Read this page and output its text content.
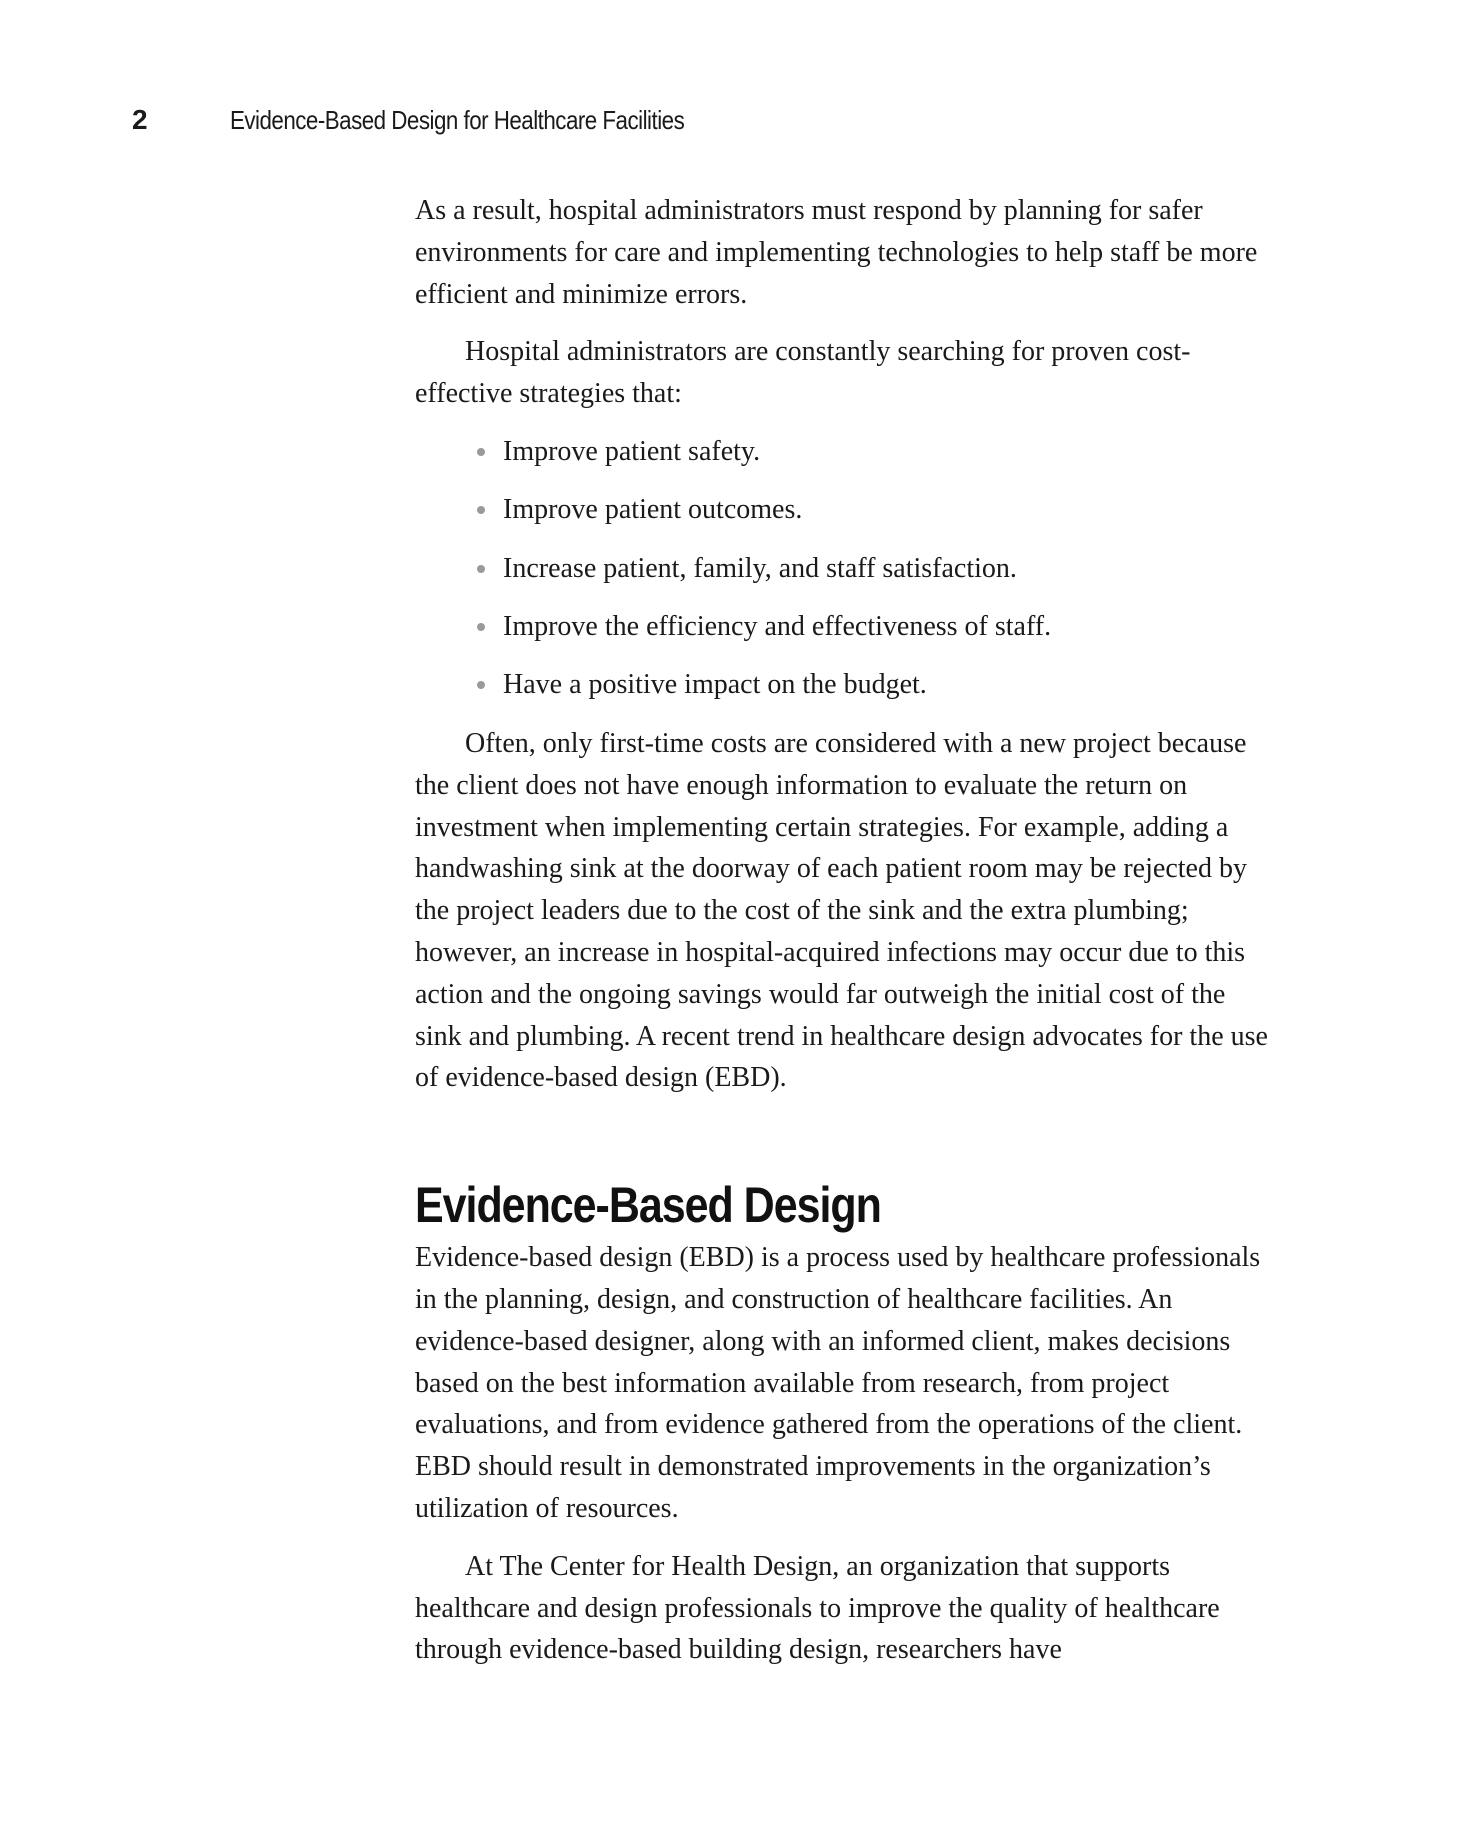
2	Evidence-Based Design for Healthcare Facilities

As a result, hospital administrators must respond by planning for safer environments for care and implementing technologies to help staff be more efficient and minimize errors.

Hospital administrators are constantly searching for proven cost-effective strategies that:

Improve patient safety.
Improve patient outcomes.
Increase patient, family, and staff satisfaction.
Improve the efficiency and effectiveness of staff.
Have a positive impact on the budget.

Often, only first-time costs are considered with a new project because the client does not have enough information to evaluate the return on investment when implementing certain strategies. For example, adding a handwashing sink at the doorway of each patient room may be rejected by the project leaders due to the cost of the sink and the extra plumbing; however, an increase in hospital-acquired infections may occur due to this action and the ongoing savings would far outweigh the initial cost of the sink and plumbing. A recent trend in healthcare design advocates for the use of evidence-based design (EBD).

Evidence-Based Design

Evidence-based design (EBD) is a process used by healthcare professionals in the planning, design, and construction of healthcare facilities. An evidence-based designer, along with an informed client, makes decisions based on the best information available from research, from project evaluations, and from evidence gathered from the operations of the client. EBD should result in demonstrated improvements in the organization’s utilization of resources.

At The Center for Health Design, an organization that supports healthcare and design professionals to improve the quality of healthcare through evidence-based building design, researchers have
